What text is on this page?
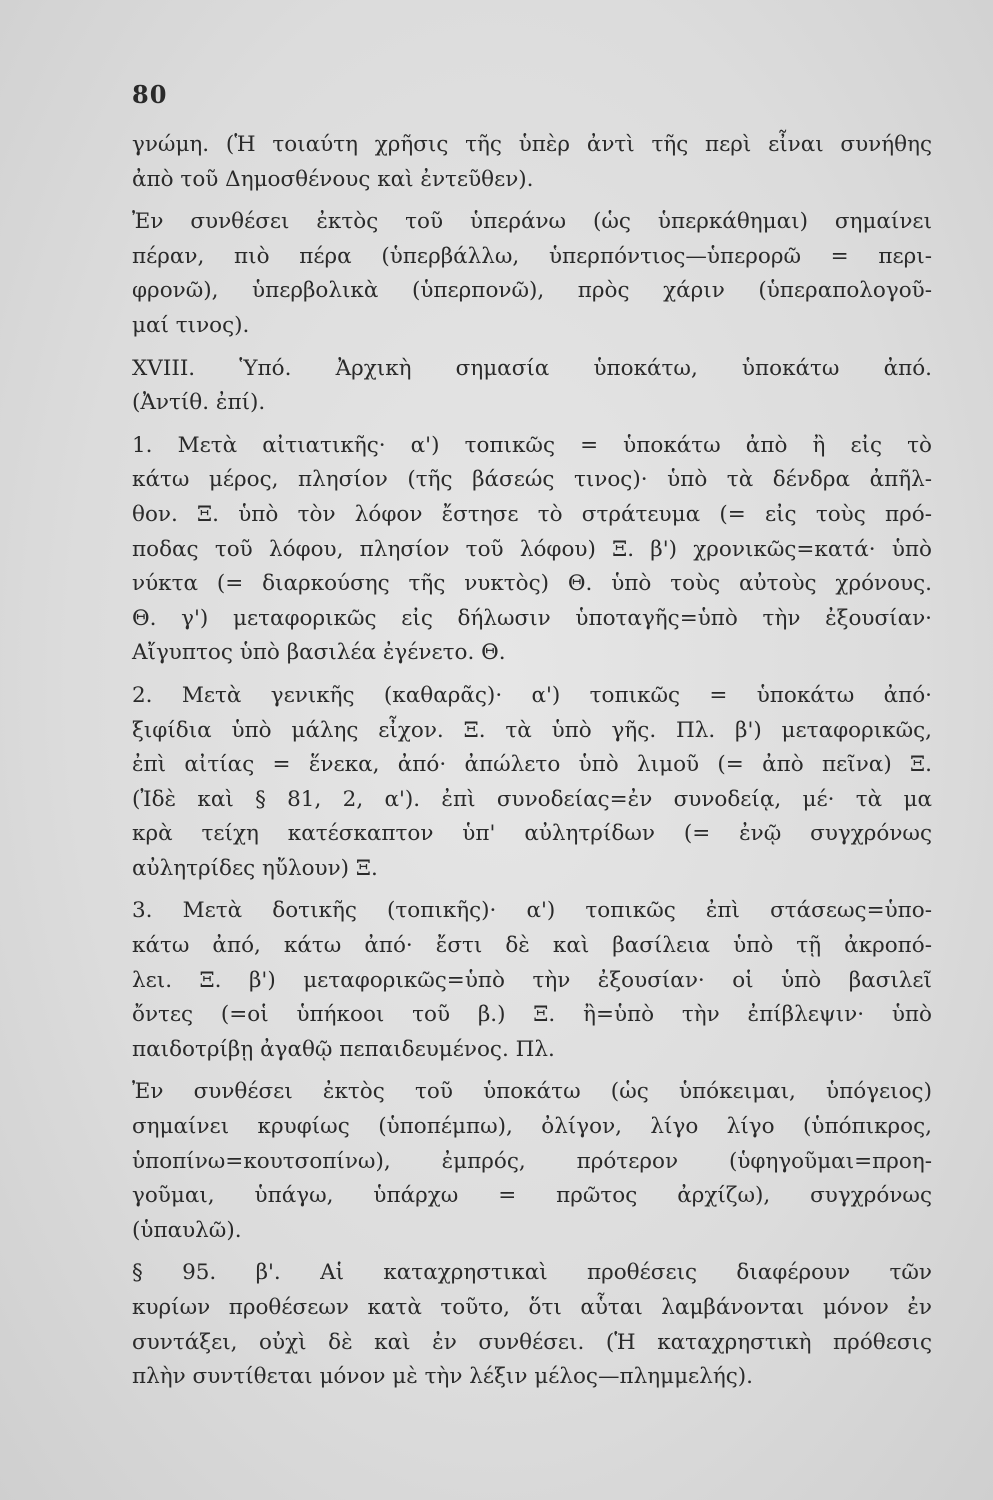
80

γνώμη. (Ἡ τοιαύτη χρῆσις τῆς ὑπὲρ ἀντὶ τῆς περὶ εἶναι συνήθης
ἀπὸ τοῦ Δημοσθένους καὶ ἐντεῦθεν).

Ἐν συνθέσει ἐκτὸς τοῦ ὑπεράνω (ὡς ὑπερκάθημαι) σημαίνει
πέραν, πιὸ πέρα (ὑπερβάλλω, ὑπερπόντιος—ὑπερορῶ = περι-
φρονῶ), ὑπερβολικὰ (ὑπερπονῶ), πρὸς χάριν (ὑπεραπολογοῦ-
μαί τινος).

XVIII. Ὑπό. Ἀρχικὴ σημασία ὑποκάτω, ὑποκάτω ἀπό.
(Ἀντίθ. ἐπί).

1. Μετὰ αἰτιατικῆς· α') τοπικῶς = ὑποκάτω ἀπὸ ἢ εἰς τὸ
κάτω μέρος, πλησίον (τῆς βάσεώς τινος)· ὑπὸ τὰ δένδρα ἀπῆλ-
θον. Ξ. ὑπὸ τὸν λόφον ἔστησε τὸ στράτευμα (= εἰς τοὺς πρό-
ποδας τοῦ λόφου, πλησίον τοῦ λόφου) Ξ. β') χρονικῶς=κατά· ὑπὸ
νύκτα (= διαρκούσης τῆς νυκτὸς) Θ. ὑπὸ τοὺς αὐτοὺς χρόνους.
Θ. γ') μεταφορικῶς εἰς δήλωσιν ὑποταγῆς=ὑπὸ τὴν ἐξουσίαν·
Αἴγυπτος ὑπὸ βασιλέα ἐγένετο. Θ.

2. Μετὰ γενικῆς (καθαρᾶς)· α') τοπικῶς = ὑποκάτω ἀπό·
ξιφίδια ὑπὸ μάλης εἶχον. Ξ. τὰ ὑπὸ γῆς. Πλ. β') μεταφορικῶς,
ἐπὶ αἰτίας = ἕνεκα, ἀπό· ἀπώλετο ὑπὸ λιμοῦ (= ἀπὸ πεῖνα) Ξ.
(Ἰδὲ καὶ § 81, 2, α'). ἐπὶ συνοδείας=ἐν συνοδείᾳ, μέ· τὰ μα
κρὰ τείχη κατέσκαπτον ὑπ' αὐλητρίδων (= ἐνῷ συγχρόνως
αὐλητρίδες ηὔλουν) Ξ.

3. Μετὰ δοτικῆς (τοπικῆς)· α') τοπικῶς ἐπὶ στάσεως=ὑπο-
κάτω ἀπό, κάτω ἀπό· ἔστι δὲ καὶ βασίλεια ὑπὸ τῇ ἀκροπό-
λει. Ξ. β') μεταφορικῶς=ὑπὸ τὴν ἐξουσίαν· οἱ ὑπὸ βασιλεῖ
ὄντες (=οἱ ὑπήκοοι τοῦ β.) Ξ. ἢ=ὑπὸ τὴν ἐπίβλεψιν· ὑπὸ
παιδοτρίβῃ ἀγαθῷ πεπαιδευμένος. Πλ.

Ἐν συνθέσει ἐκτὸς τοῦ ὑποκάτω (ὡς ὑπόκειμαι, ὑπόγειος)
σημαίνει κρυφίως (ὑποπέμπω), ὀλίγον, λίγο λίγο (ὑπόπικρος,
ὑποπίνω=κουτσοπίνω), ἐμπρός, πρότερον (ὑφηγοῦμαι=προη-
γοῦμαι, ὑπάγω, ὑπάρχω = πρῶτος ἀρχίζω), συγχρόνως
(ὑπαυλῶ).

§ 95. β'. Αἱ καταχρηστικαὶ προθέσεις διαφέρουν τῶν
κυρίων προθέσεων κατὰ τοῦτο, ὅτι αὗται λαμβάνονται μόνον ἐν
συντάξει, οὐχὶ δὲ καὶ ἐν συνθέσει. (Ἡ καταχρηστικὴ πρόθεσις
πλὴν συντίθεται μόνον μὲ τὴν λέξιν μέλος—πλημμελής).
